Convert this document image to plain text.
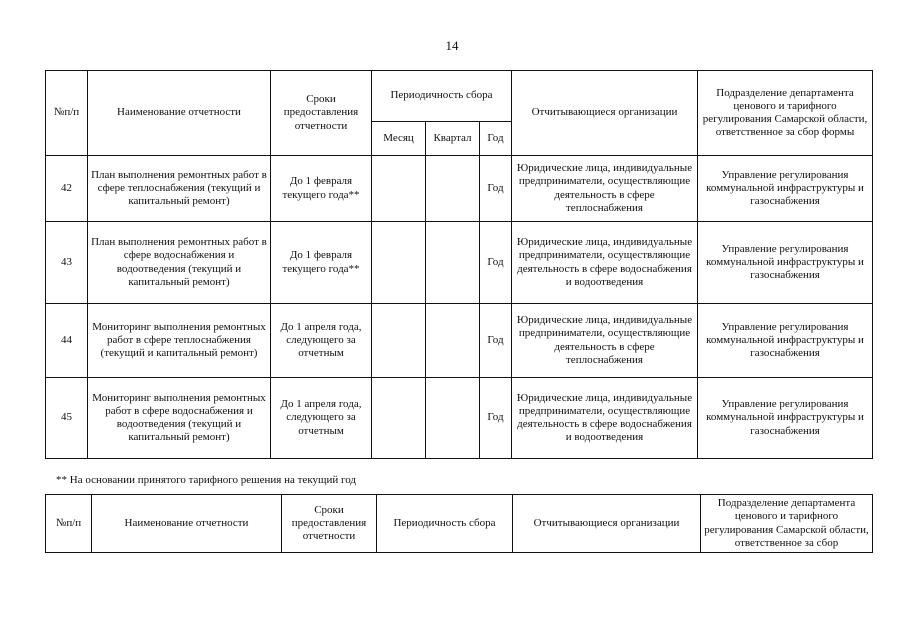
14
№п/п	Наименование отчетности	Сроки предоставления отчетности	Периодичность сбора			Отчитывающиеся организации	Подразделение департамента ценового и тарифного регулирования Самарской области, ответственное за сбор формы
			Месяц	Квартал	Год		
42	План выполнения ремонтных работ в сфере теплоснабжения (текущий и капитальный ремонт)	До 1 февраля текущего года**			Год	Юридические лица, индивидуальные предприниматели, осуществляющие деятельность в сфере теплоснабжения	Управление регулирования коммунальной инфраструктуры и газоснабжения
43	План выполнения ремонтных работ в сфере водоснабжения и водоотведения (текущий и капитальный ремонт)	До 1 февраля текущего года**			Год	Юридические лица, индивидуальные предприниматели, осуществляющие деятельность в сфере водоснабжения и водоотведения	Управление регулирования коммунальной инфраструктуры и газоснабжения
44	Мониторинг выполнения ремонтных работ в сфере теплоснабжения (текущий и капитальный ремонт)	До 1 апреля года, следующего за отчетным			Год	Юридические лица, индивидуальные предприниматели, осуществляющие деятельность в сфере теплоснабжения	Управление регулирования коммунальной инфраструктуры и газоснабжения
45	Мониторинг выполнения ремонтных работ в сфере водоснабжения и водоотведения (текущий и капитальный ремонт)	До 1 апреля года, следующего за отчетным			Год	Юридические лица, индивидуальные предприниматели, осуществляющие деятельность в сфере водоснабжения и водоотведения	Управление регулирования коммунальной инфраструктуры и газоснабжения
** На основании принятого тарифного решения на текущий год
№п/п	Наименование отчетности	Сроки предоставления отчетности	Периодичность сбора	Отчитывающиеся организации	Подразделение департамента ценового и тарифного регулирования Самарской области, ответственное за сбор
